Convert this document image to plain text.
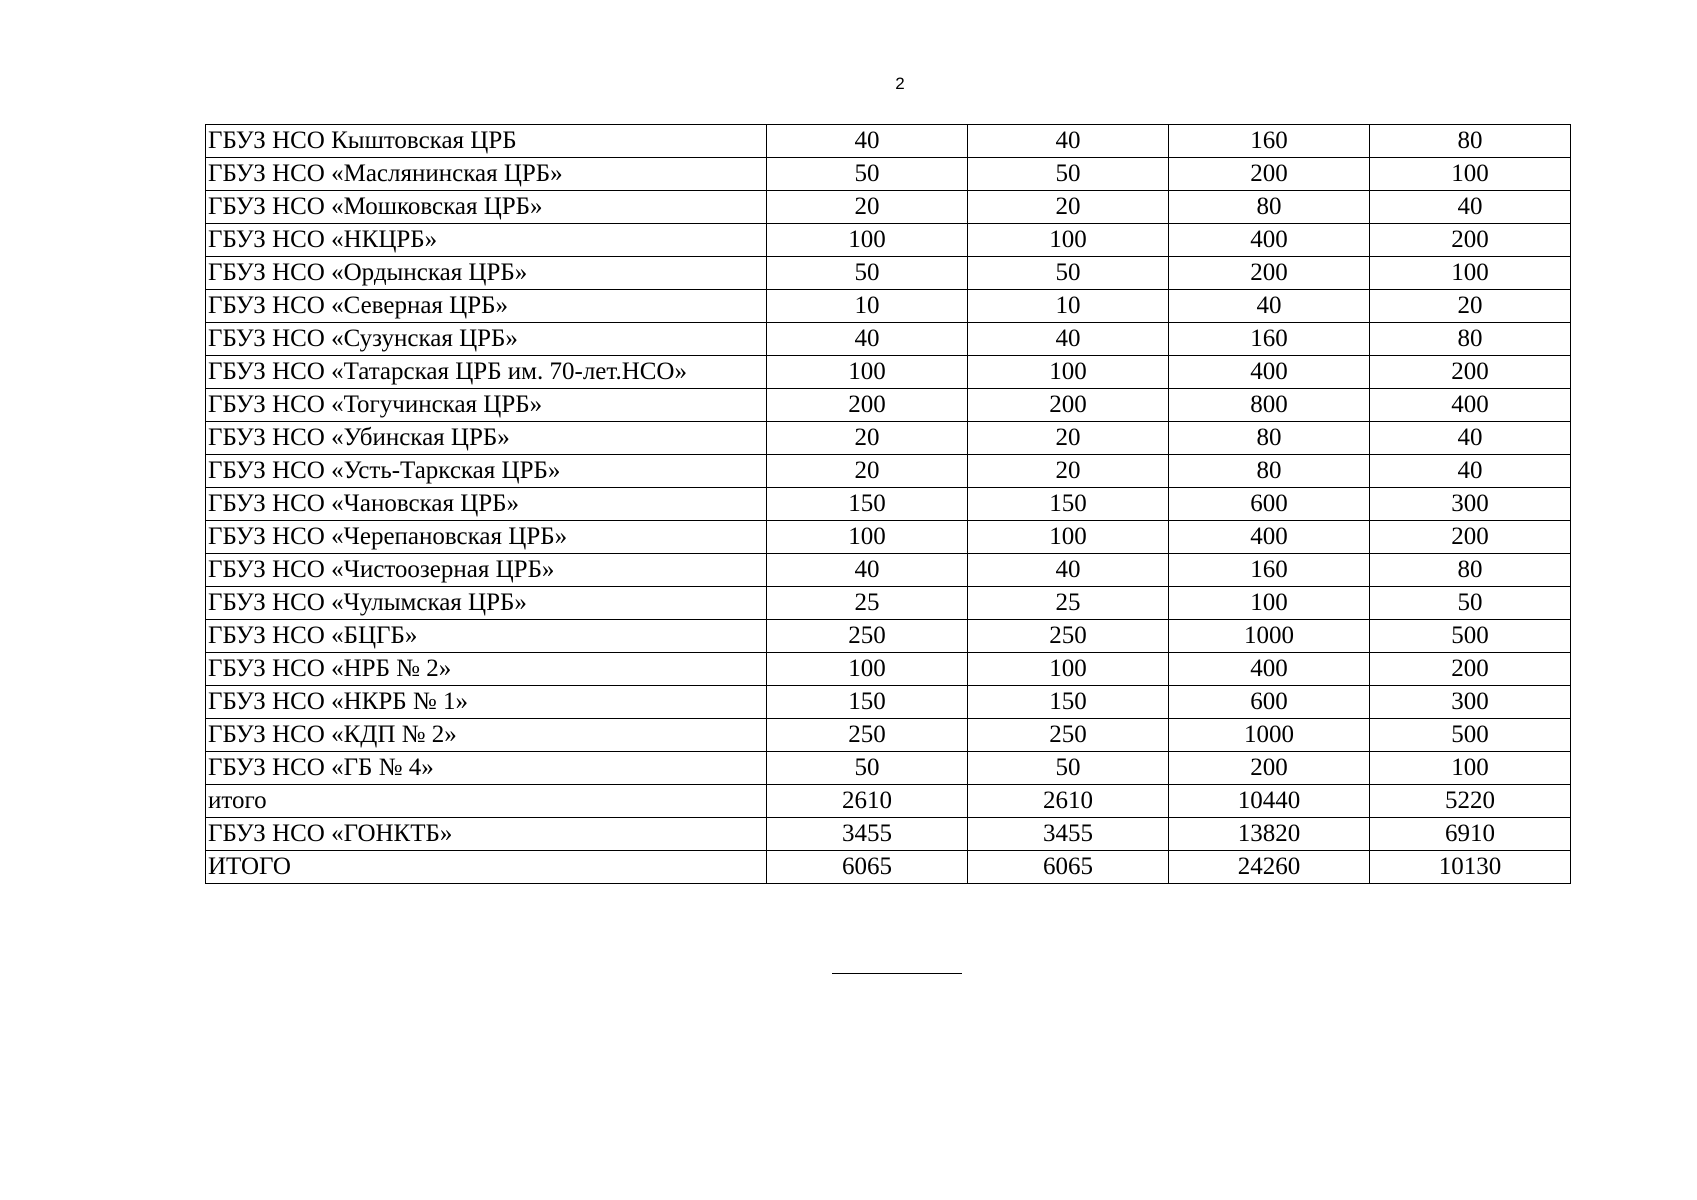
2
ГБУЗ НСО Кыштовская ЦРБ	40	40	160	80
ГБУЗ НСО «Маслянинская ЦРБ»	50	50	200	100
ГБУЗ НСО «Мошковская ЦРБ»	20	20	80	40
ГБУЗ НСО «НКЦРБ»	100	100	400	200
ГБУЗ НСО «Ордынская ЦРБ»	50	50	200	100
ГБУЗ НСО «Северная ЦРБ»	10	10	40	20
ГБУЗ НСО «Сузунская ЦРБ»	40	40	160	80
ГБУЗ НСО «Татарская ЦРБ им. 70-лет.НСО»	100	100	400	200
ГБУЗ НСО «Тогучинская ЦРБ»	200	200	800	400
ГБУЗ НСО «Убинская ЦРБ»	20	20	80	40
ГБУЗ НСО «Усть-Таркская ЦРБ»	20	20	80	40
ГБУЗ НСО «Чановская ЦРБ»	150	150	600	300
ГБУЗ НСО «Черепановская ЦРБ»	100	100	400	200
ГБУЗ НСО «Чистоозерная ЦРБ»	40	40	160	80
ГБУЗ НСО «Чулымская ЦРБ»	25	25	100	50
ГБУЗ НСО «БЦГБ»	250	250	1000	500
ГБУЗ НСО «НРБ № 2»	100	100	400	200
ГБУЗ НСО «НКРБ № 1»	150	150	600	300
ГБУЗ НСО «КДП № 2»	250	250	1000	500
ГБУЗ НСО «ГБ № 4»	50	50	200	100
итого	2610	2610	10440	5220
ГБУЗ НСО «ГОНКТБ»	3455	3455	13820	6910
ИТОГО	6065	6065	24260	10130
